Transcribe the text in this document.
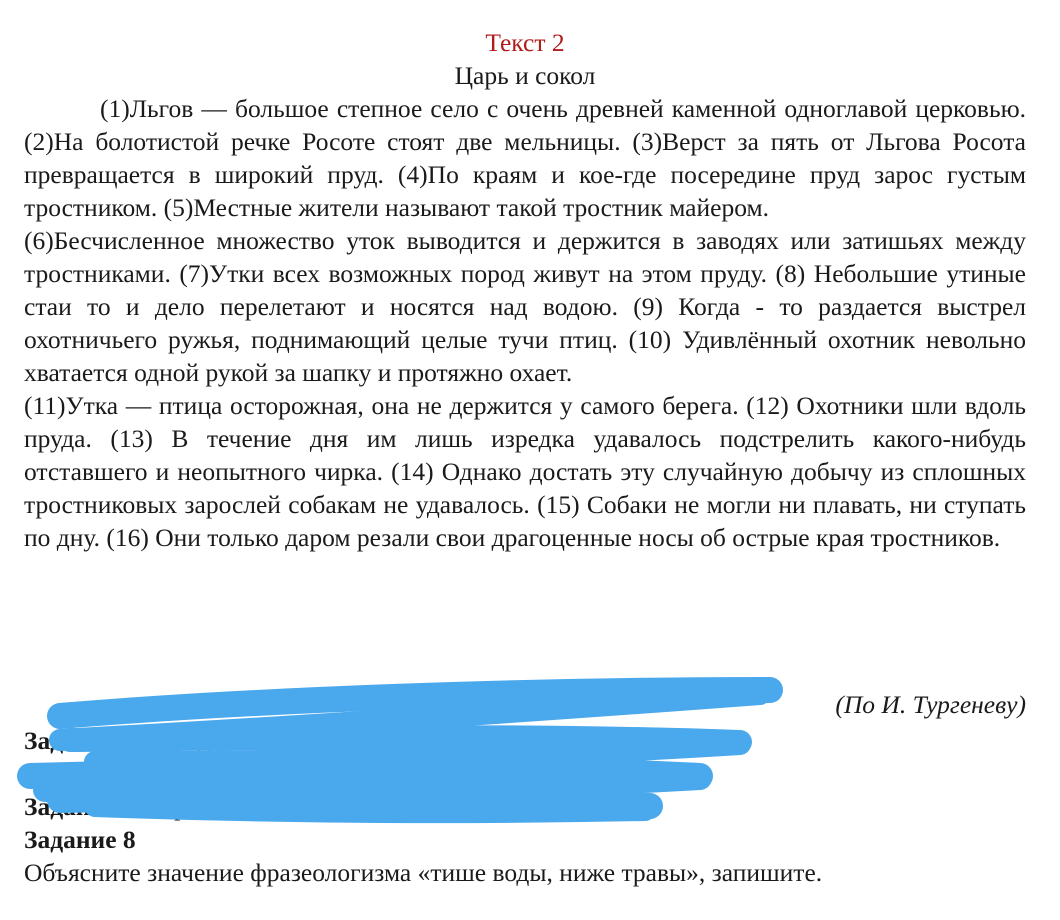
Текст 2
Царь и сокол

(1)Льгов — большое степное село с очень древней каменной одноглавой церковью. (2)На болотистой речке Росоте стоят две мельницы. (3)Верст за пять от Льгова Росота превращается в широкий пруд. (4)По краям и кое-где посередине пруд зарос густым тростником. (5)Местные жители называют такой тростник майером.

(6)Бесчисленное множество уток выводится и держится в заводях или затишьях между тростниками. (7)Утки всех возможных пород живут на этом пруду. (8) Небольшие утиные стаи то и дело перелетают и носятся над водою. (9) Когда - то раздается выстрел охотничьего ружья, поднимающий целые тучи птиц. (10) Удивлённый охотник невольно хватается одной рукой за шапку и протяжно охает.

(11)Утка — птица осторожная, она не держится у самого берега. (12) Охотники шли вдоль пруда. (13) В течение дня им лишь изредка удавалось подстрелить какого-нибудь отставшего и неопытного чирка. (14) Однако достать эту случайную добычу из сплошных тростниковых зарослей собакам не удавалось. (15) Собаки не могли ни плавать, ни ступать по дну. (16) Они только даром резали свои драгоценные носы об острые края тростников.

(По И. Тургеневу)
Задание 6 Определите и запишите основную мысль текста.
Задание 7 Определите стиль и тип текста
Задание 8
Объясните значение фразеологизма «тише воды, ниже травы», запишите.
